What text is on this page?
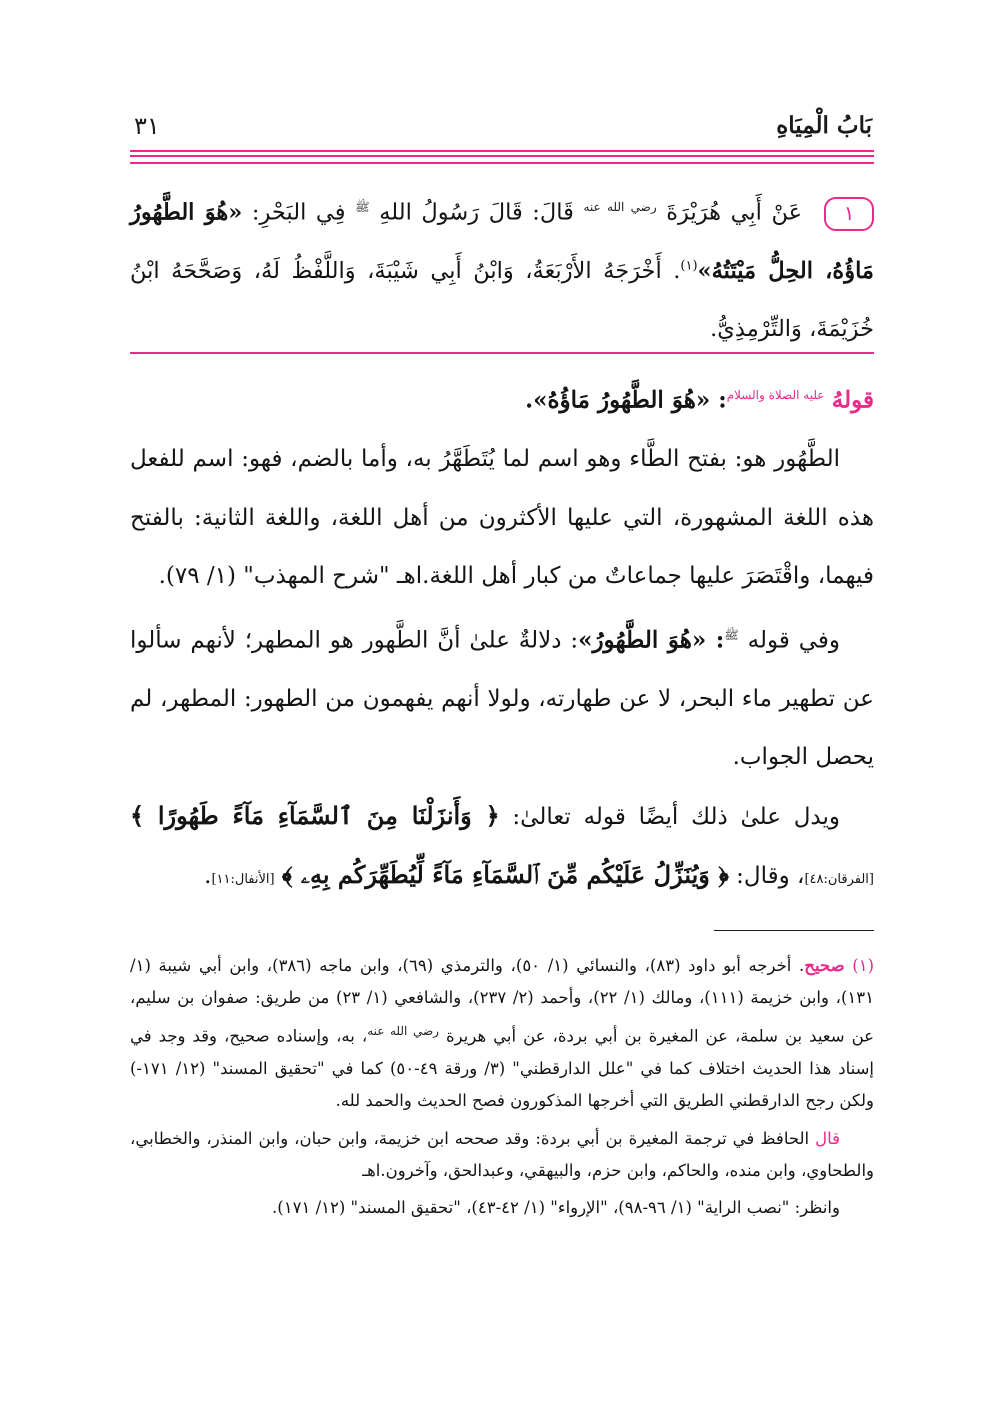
بَابُ الْمِيَاهِ
٣١
١عَنْ أَبِي هُرَيْرَةَ $^{رضي الله عنه}$ قَالَ: قَالَ رَسُولُ اللهِ $^ﷺ$ فِي البَحْرِ: «هُوَ الطَّهُورُ مَاؤُهُ، الحِلُّ مَيْتَتُهُ»$^{(١)}$. أَخْرَجَهُ الأَرْبَعَةُ، وَابْنُ أَبِي شَيْبَةَ، وَاللَّفْظُ لَهُ، وَصَحَّحَهُ ابْنُ خُزَيْمَةَ، وَالتِّرْمِذِيُّ.

قولهُ $^{عليه الصلاة والسلام}$: «هُوَ الطَّهُورُ مَاؤُهُ».

الطَّهُور هو: بفتح الطَّاء وهو اسم لما يُتَطَهَّرُ به، وأما بالضم، فهو: اسم للفعل هذه اللغة المشهورة، التي عليها الأكثرون من أهل اللغة، واللغة الثانية: بالفتح فيهما، واقْتَصَرَ عليها جماعاتٌ من كبار أهل اللغة.اهـ "شرح المهذب" (١/ ٧٩).

وفي قوله $^ﷺ$: «هُوَ الطَّهُورُ»: دلالةٌ علىٰ أنَّ الطَّهور هو المطهر؛ لأنهم سألوا عن تطهير ماء البحر، لا عن طهارته، ولولا أنهم يفهمون من الطهور: المطهر، لم يحصل الجواب.

ويدل علىٰ ذلك أيضًا قوله تعالىٰ: ﴿ وَأَنزَلْنَا مِنَ ٱلسَّمَآءِ مَآءً طَهُورًا ﴾ [الفرقان:٤٨]، وقال: ﴿ وَيُنَزِّلُ عَلَيْكُم مِّنَ ٱلسَّمَآءِ مَآءً لِّيُطَهِّرَكُم بِهِۦ ﴾ [الأنفال:١١].

(١) صحيح. أخرجه أبو داود (٨٣)، والنسائي (١/ ٥٠)، والترمذي (٦٩)، وابن ماجه (٣٨٦)، وابن أبي شيبة (١/ ١٣١)، وابن خزيمة (١١١)، ومالك (١/ ٢٢)، وأحمد (٢/ ٢٣٧)، والشافعي (١/ ٢٣) من طريق: صفوان بن سليم، عن سعيد بن سلمة، عن المغيرة بن أبي بردة، عن أبي هريرة $^{رضي الله عنه}$، به، وإسناده صحيح، وقد وجد في إسناد هذا الحديث اختلاف كما في "علل الدارقطني" (٣/ ورقة ٤٩-٥٠) كما في "تحقيق المسند" (١٢/ ١٧١-) ولكن رجح الدارقطني الطريق التي أخرجها المذكورون فصح الحديث والحمد لله.

قال الحافظ في ترجمة المغيرة بن أبي بردة: وقد صححه ابن خزيمة، وابن حبان، وابن المنذر، والخطابي، والطحاوي، وابن منده، والحاكم، وابن حزم، والبيهقي، وعبدالحق، وآخرون.اهـ

وانظر: "نصب الراية" (١/ ٩٦-٩٨)، "الإرواء" (١/ ٤٢-٤٣)، "تحقيق المسند" (١٢/ ١٧١).
